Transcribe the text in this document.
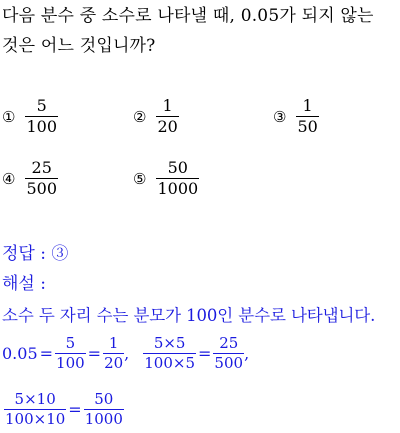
다음 분수 중 소수로 나타낼 때, 0.05가 되지 않는
것은 어느 것입니까?
① $\frac{5}{100}$	② $\frac{1}{20}$	③ $\frac{1}{50}$
④ $\frac{25}{500}$	⑤ $\frac{50}{1000}$
정답 : ③
해설 :
소수 두 자리 수는 분모가 100인 분수로 나타냅니다.
$0.05 = \frac{5}{100} = \frac{1}{20}$ , $\frac{5\times 5}{100\times 5} = \frac{25}{500}$ ,
$\frac{5\times 10}{100\times 10} = \frac{50}{1000}$
